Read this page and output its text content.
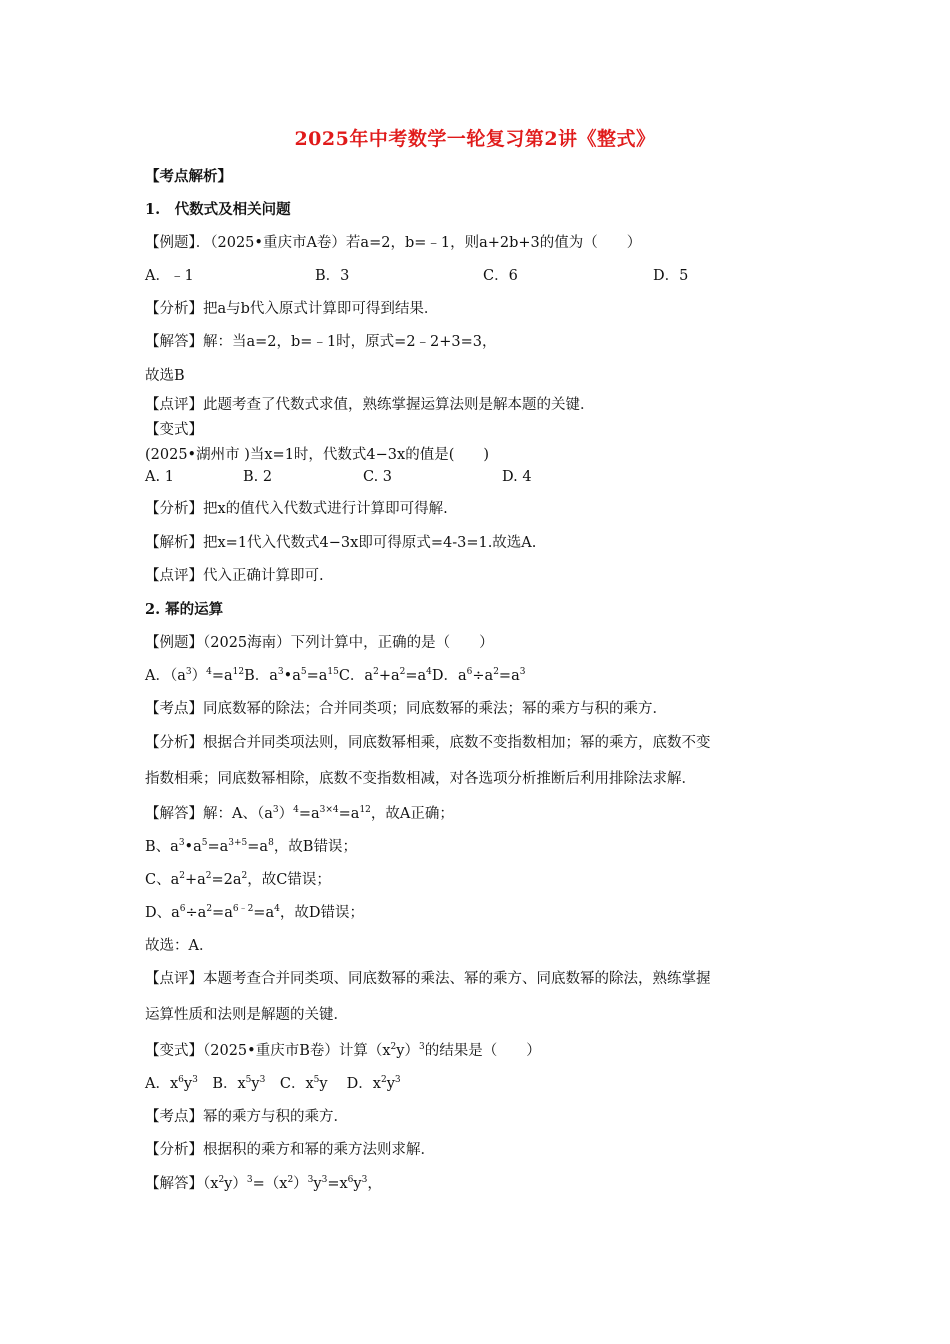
2025年中考数学一轮复习第2讲《整式》
【考点解析】
1.　代数式及相关问题
【例题】．（2025•重庆市A卷）若a=2，b=﹣1，则a+2b+3的值为（　　）
A．﹣1	B．3	C．6	D．5
【分析】把a与b代入原式计算即可得到结果．
【解答】解：当a=2，b=﹣1时，原式=2﹣2+3=3，
故选B
【点评】此题考查了代数式求值，熟练掌握运算法则是解本题的关键．
【变式】
(2025•湖州市 )当x=1时，代数式4−3x的值是(　　)
A. 1	B. 2	C. 3	D. 4
【分析】把x的值代入代数式进行计算即可得解.
【解析】把x=1代入代数式4−3x即可得原式=4-3=1.故选A.
【点评】代入正确计算即可.
2. 幂的运算
【例题】（2025海南）下列计算中，正确的是（　　）
A．$(a^3)^4=a^{12}B$．$a^3•a^5=a^{15}C$．$a^2+a^2=a^4D$．$a^6\div a^2=a^3$
【考点】同底数幂的除法；合并同类项；同底数幂的乘法；幂的乘方与积的乘方．
【分析】根据合并同类项法则，同底数幂相乘，底数不变指数相加；幂的乘方，底数不变
指数相乘；同底数幂相除，底数不变指数相减，对各选项分析推断后利用排除法求解．
【解答】解：A、$(a^3)^4=a^{3\times 4}=a^{12}$，故A正确；
B、$a^3•a^5=a^{3+5}=a^8$，故B错误；
C、$a^2+a^2=2a^2$，故C错误；
D、$a^6\div a^2=a^{6﹣2}=a^4$，故D错误；
故选：A．
【点评】本题考查合并同类项、同底数幂的乘法、幂的乘方、同底数幂的除法，熟练掌握
运算性质和法则是解题的关键．
【变式】（2025•重庆市B卷）计算$(x^2y)^3$的结果是（　　）
A．$x^6y^3$　B．$x^5y^3$　C．$x^5y$　 D．$x^2y^3$
【考点】幂的乘方与积的乘方．
【分析】根据积的乘方和幂的乘方法则求解．
【解答】$(x^2y)^3=(x^2)^3y^3=x^6y^3$，
